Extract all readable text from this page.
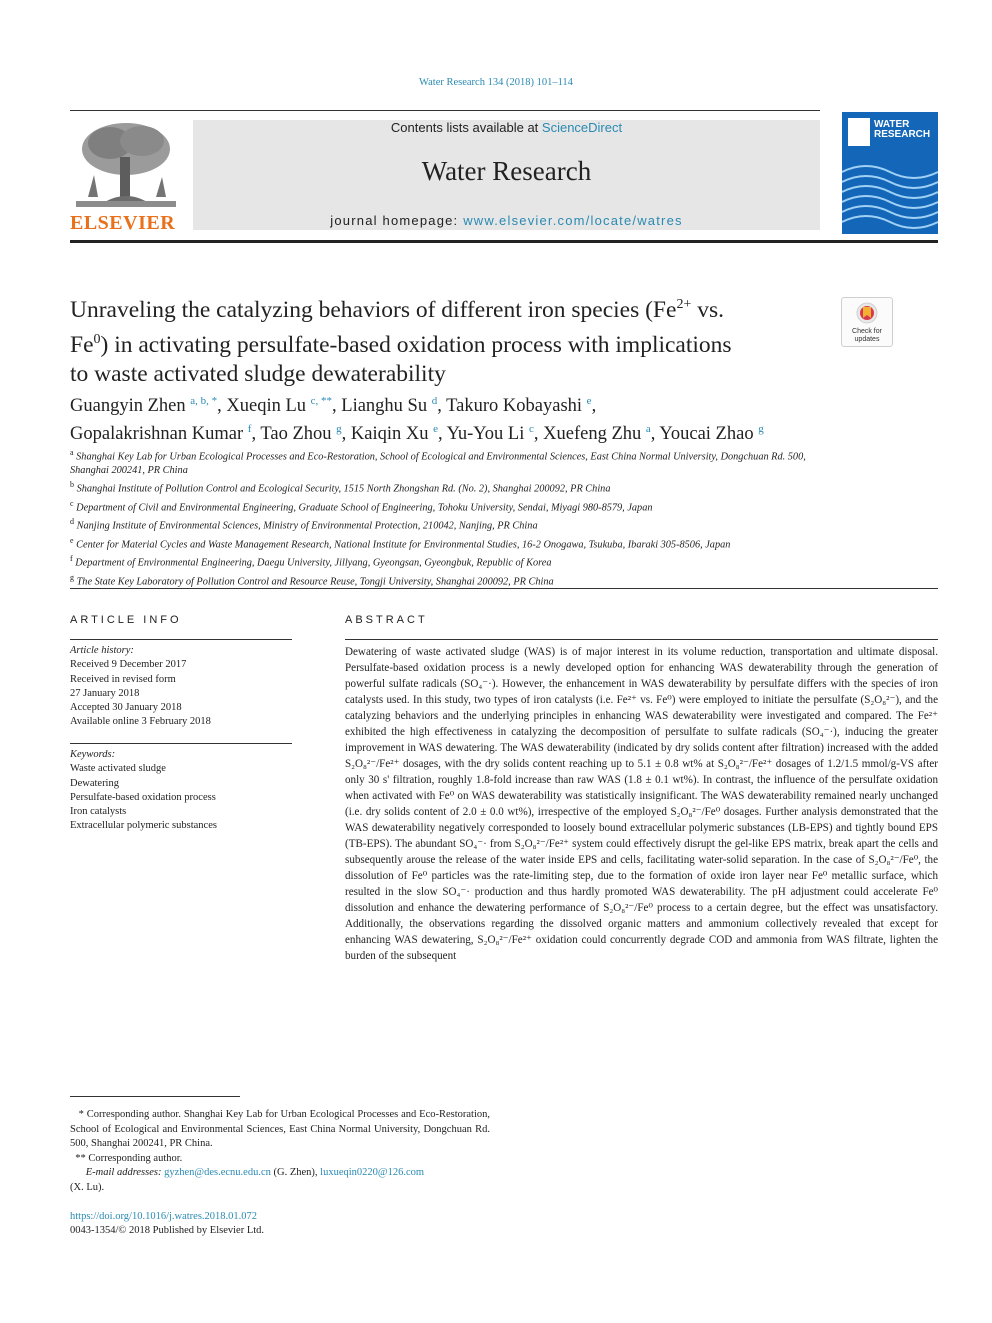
Water Research 134 (2018) 101–114
ELSEVIER
Contents lists available at ScienceDirect
Water Research
journal homepage: www.elsevier.com/locate/watres
WATER
RESEARCH
Unraveling the catalyzing behaviors of different iron species ($Fe^{2+}$ vs.
Fe$^0$) in activating persulfate-based oxidation process with implications
to waste activated sludge dewaterability
Check for
updates
Guangyin Zhen $^{a, b, *}$, Xueqin Lu $^{c, **}$, Lianghu Su $^d$, Takuro Kobayashi $^e$,
Gopalakrishnan Kumar $^f$, Tao Zhou $^g$, Kaiqin Xu $^e$, Yu-You Li $^c$, Xuefeng Zhu $^a$, Youcai Zhao $^g$
$^a$ Shanghai Key Lab for Urban Ecological Processes and Eco-Restoration, School of Ecological and Environmental Sciences, East China Normal University, Dongchuan Rd. 500, Shanghai 200241, PR China
$^b$ Shanghai Institute of Pollution Control and Ecological Security, 1515 North Zhongshan Rd. (No. 2), Shanghai 200092, PR China
$^c$ Department of Civil and Environmental Engineering, Graduate School of Engineering, Tohoku University, Sendai, Miyagi 980-8579, Japan
$^d$ Nanjing Institute of Environmental Sciences, Ministry of Environmental Protection, 210042, Nanjing, PR China
$^e$ Center for Material Cycles and Waste Management Research, National Institute for Environmental Studies, 16-2 Onogawa, Tsukuba, Ibaraki 305-8506, Japan
$^f$ Department of Environmental Engineering, Daegu University, Jillyang, Gyeongsan, Gyeongbuk, Republic of Korea
$^g$ The State Key Laboratory of Pollution Control and Resource Reuse, Tongji University, Shanghai 200092, PR China
ARTICLE INFO
Article history:
Received 9 December 2017
Received in revised form
27 January 2018
Accepted 30 January 2018
Available online 3 February 2018
Keywords:
Waste activated sludge
Dewatering
Persulfate-based oxidation process
Iron catalysts
Extracellular polymeric substances
ABSTRACT
Dewatering of waste activated sludge (WAS) is of major interest in its volume reduction, transportation and ultimate disposal. Persulfate-based oxidation process is a newly developed option for enhancing WAS dewaterability through the generation of powerful sulfate radicals (SO₄⁻·). However, the enhancement in WAS dewaterability by persulfate differs with the species of iron catalysts used. In this study, two types of iron catalysts (i.e. Fe²⁺ vs. Fe⁰) were employed to initiate the persulfate (S₂O₈²⁻), and the catalyzing behaviors and the underlying principles in enhancing WAS dewaterability were investigated and compared. The Fe²⁺ exhibited the high effectiveness in catalyzing the decomposition of persulfate to sulfate radicals (SO₄⁻·), inducing the greater improvement in WAS dewatering. The WAS dewaterability (indicated by dry solids content after filtration) increased with the added S₂O₈²⁻/Fe²⁺ dosages, with the dry solids content reaching up to 5.1 ± 0.8 wt% at S₂O₈²⁻/Fe²⁺ dosages of 1.2/1.5 mmol/g-VS after only 30 s' filtration, roughly 1.8-fold increase than raw WAS (1.8 ± 0.1 wt%). In contrast, the influence of the persulfate oxidation when activated with Fe⁰ on WAS dewaterability was statistically insignificant. The WAS dewaterability remained nearly unchanged (i.e. dry solids content of 2.0 ± 0.0 wt%), irrespective of the employed S₂O₈²⁻/Fe⁰ dosages. Further analysis demonstrated that the WAS dewaterability negatively corresponded to loosely bound extracellular polymeric substances (LB-EPS) and tightly bound EPS (TB-EPS). The abundant SO₄⁻· from S₂O₈²⁻/Fe²⁺ system could effectively disrupt the gel-like EPS matrix, break apart the cells and subsequently arouse the release of the water inside EPS and cells, facilitating water-solid separation. In the case of S₂O₈²⁻/Fe⁰, the dissolution of Fe⁰ particles was the rate-limiting step, due to the formation of oxide iron layer near Fe⁰ metallic surface, which resulted in the slow SO₄⁻· production and thus hardly promoted WAS dewaterability. The pH adjustment could accelerate Fe⁰ dissolution and enhance the dewatering performance of S₂O₈²⁻/Fe⁰ process to a certain degree, but the effect was unsatisfactory. Additionally, the observations regarding the dissolved organic matters and ammonium collectively revealed that except for enhancing WAS dewatering, S₂O₈²⁻/Fe²⁺ oxidation could concurrently degrade COD and ammonia from WAS filtrate, lighten the burden of the subsequent
* Corresponding author. Shanghai Key Lab for Urban Ecological Processes and Eco-Restoration, School of Ecological and Environmental Sciences, East China Normal University, Dongchuan Rd. 500, Shanghai 200241, PR China.
** Corresponding author.
E-mail addresses: gyzhen@des.ecnu.edu.cn (G. Zhen), luxueqin0220@126.com
(X. Lu).
https://doi.org/10.1016/j.watres.2018.01.072
0043-1354/© 2018 Published by Elsevier Ltd.
